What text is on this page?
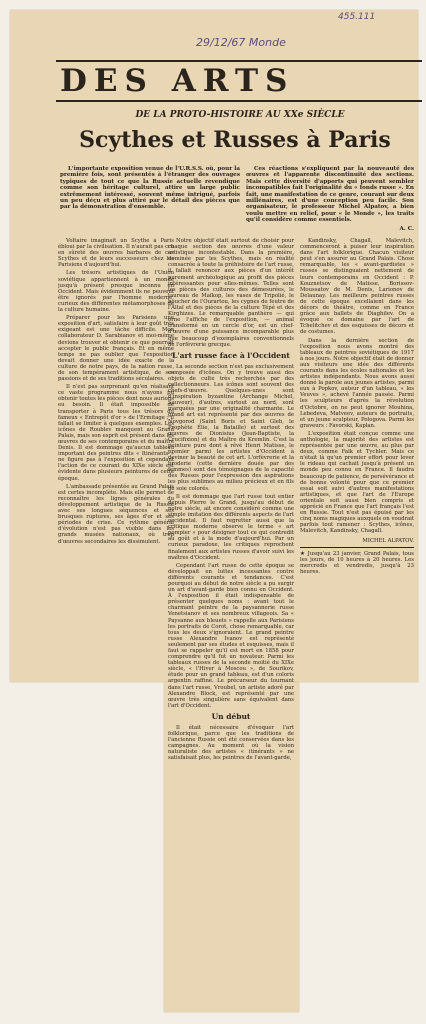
455.111
29/12/67 Monde
DES ARTS
DE LA PROTO-HISTOIRE AU XXe SIÈCLE
Scythes et Russes à Paris

L'importante exposition venue de l'U.R.S.S. où, pour la première fois, sont présentés à l'étranger des ouvrages typiques de tout ce que la Russie actuelle revendique comme son héritage culturel, attire un large public extrêmement intéressé, souvent même intrigué, parfois un peu déçu et plus attiré par le détail des pièces que par la démonstration d'ensemble.

Ces réactions s'expliquent par la nouveauté des œuvres et l'apparente discontinuité des sections. Mais cette diversité d'apports qui peuvent sembler incompatibles fait l'originalité du « fonds russe ». En fait, une manifestation de ce genre, courant sur deux millénaires, est d'une conception peu facile. Son organisateur, le professeur Michel Alpatov, a bien voulu mettre en relief, pour « le Monde », les traits qu'il considère comme essentiels.

A. C.

Voltaire imaginait un Scythe à Paris ébloui par la civilisation. Il n'aurait pas cru en sûreté des œuvres barbares de ces Scythes et de leurs successeurs chez les Parisiens d'aujourd'hui.

Les trésors artistiques de l'Union soviétique appartiennent à un monde jusqu'à présent presque inconnu en Occident. Mais évidemment ils ne peuvent être ignorés par l'homme moderne, curieux des différentes métamorphoses de la culture humaine.

Préparer pour les Parisiens une exposition d'art, satisfaire à leur goût très exigeant est une tâche difficile. Mon collaborateur D. Sarabianov et moi-même devions trouver et obtenir ce que pourrait accepter le public français. Et en même temps ne pas oublier que l'exposition devait donner une idée exacte de la culture de notre pays, de la nation russe, de son tempérament artistique, de ses passions et de ses traditions séculaires.

Il n'est pas surprenant qu'en réalisant ce vaste programme nous n'ayons pu obtenir toutes les pièces dont nous aurions eu besoin. Il était impossible de transporter à Paris tous les trésors du fameux « Entrepôt d'or » de l'Ermitage ; il fallait se limiter à quelques exemples. Les icônes de Roublev manquent au Grand Palais, mais son esprit est présent dans les œuvres de ses contemporains et du maître Denis. Il est dommage qu'aucun tableau important des peintres dits « Itinérants » ne figure pas à l'exposition et cependant l'action de ce courant du XIXe siècle est évidente dans plusieurs peintures de cette époque.

L'ambassade présentée au Grand Palais est certes incomplète. Mais elle permet de reconnaître les lignes générales du développement artistique de la Russie avec ses longues séquences et ses brusques ruptures, ses âges d'or et ses périodes de crise. Ce rythme général d'évolution n'est pas visible dans les grands musées nationaux, où trop d'œuvres secondaires les dissimulent.

Notre objectif était surtout de choisir pour chaque section des œuvres d'une valeur artistique incontestable. Dans la première, dominée par les Scythes, mais en réalité consacrée à toute la préhistoire de l'art russe, il fallait renoncer aux pièces d'un intérêt purement archéologique au profit des pièces intéressantes pour elles-mêmes. Telles sont les pièces des cultures des démesurées, le taureau de Maïkop, les vases de Tripolié, le boucher de l'Ourartou, les cygnes de feutre de l'Altaï et des pièces de la culture Tépé et des Kirghizes. Le remarquable panthère — qui orne l'affiche de l'exposition, — animal transformé en un cercle d'or, est un chef-d'œuvre d'une puissance incomparable plus que beaucoup d'exemplaires conventionnels de l'orfèvrerie grecque.

L'art russe face à l'Occident

La seconde section n'est pas exclusivement composée d'icônes. On y trouve aussi des objets de culte très recherchés par des collectionneurs. Les icônes sont souvent des chefs-d'œuvre. Quelques-unes sont d'inspiration byzantine (Archange Michel, Sauveur), d'autres, surtout au nord, sont marquées par une originalité charmante. Le grand art est représenté par des œuvres de Novgorod (Saint Boris et Saint Gleb, le Prophète Élie, la Bataille) et surtout des œuvres de Dionisius (Jean-Baptiste, la Crucifixion) et du Maître du Kremlin. C'est la peinture pure dont à rêvé Henri Matisse, le premier parmi les artistes d'Occident à deviner la beauté de cet art. L'orfèvrerie et la broderie (cette dernière douée par des femmes) sont des témoignages de la capacité des Russes pour l'expression des aspirations les plus sublimes au milieu précieux et en fils de soie colorés.

Il est dommage que l'art russe tout entier depuis Pierre le Grand, jusqu'au début de notre siècle, ait encore considéré comme une simple imitation des différents aspects de l'art occidental. Il faut regretter aussi que la critique moderne observe le terme « art pompier » pour désigner tout ce qui contredit au goût et à la mode d'aujourd'hui. Par un curieux paradoxe, les critiques reprochent finalement aux artistes russes d'avoir suivi les maîtres d'Occident.

Cependant l'art russe de cette époque se développait en luttes incessantes contre différents courants et tendances. C'est pourquoi au début de notre siècle a pu surgir un art d'avant-garde bien connu en Occident. À l'exposition il était indispensable de présenter quelques noms : avant tout le charmant peintre de la paysannerie russe Venetsianov et ses nombreux villageois. Sa « Paysanne aux bleuets » rappelle aux Parisiens les portraits de Corot, chose remarquable, car tous les deux s'ignoraient. Le grand peintre russe Alexandre Ivanov est représenté seulement par ses études et esquisses, mais il faut se rappeler qu'il est mort en 1858 pour comprendre qu'il fut un novateur. Parmi les tableaux russes de la seconde moitié du XIXe siècle, « l'Hiver à Moscou », de Sourikov, étude pour un grand tableau, est d'un coloris argentin raffiné. Le précurseur du tournant dans l'art russe, Vroubel, un artiste adoré par Alexandre Block, est représenté par une œuvre très singulière sans équivalent dans l'art d'Occident.

Un début

Il était nécessaire d'évoquer l'art folklorique, parce que les traditions de l'ancienne Russie ont été conservées dans les campagnes. Au moment où la vision naturaliste des artistes « itinérants » ne satisfaisait plus, les peintres de l'avant-garde,

Kandinsky, Chagall, Malevitch, commenceront à puiser leur inspiration dans l'art folklorique. Chacun visiteur peut s'en assurer au Grand Palais. Chose remarquable, les « avant-gardistes » russes se distinguaient nettement de leurs contemporains en Occident : P. Kouznetsov de Matisse, Borissov-Moussatov de M. Denis, Larionov de Delaunay. Les meilleurs peintres russes de cette époque excellaient dans les décors de théâtre, comme en France grâce aux ballets de Diaghilev. On a évoqué ce domaine par l'art de Tchelitchev et des esquisses de décors et de costumes.

Dans la dernière section de l'exposition nous avons montré des tableaux de peintres soviétiques de 1917 à nos jours. Notre objectif était de donner aux visiteurs une idée des différents courants dans les écoles nationales et les artistes indépendants. Nous avons aussi donné la parole aux jeunes artistes, parmi eux à Popkov, auteur d'un tableau, « les Veuves », achevé l'année passée. Parmi les sculpteurs d'après la révolution d'Octobre, on ne peut ignorer Mouhina, Lebedeva, Matveev, auteurs de portraits, et un jeune sculpteur, Pologova. Parmi les graveurs : Favorski, Kaplan.

L'exposition était conçue comme une anthologie, la majorité des artistes est représentée par une œuvre, au plus par deux, comme Falk et Tychler. Mais ce n'était là qu'un premier effort pour lever le rideau qui cachait jusqu'à présent un monde peu connu en France. Il faudra beaucoup de patience, de persévérance et de bonne volonté pour que ce premier essai soit suivi d'autres manifestations artistiques, et que l'art de l'Europe orientale soit aussi bien compris et apprécié en France que l'art français l'est en Russie. Tout n'est pas épuisé par les cinq noms magiques auxquels on voudrait parfois tout ramener : Scythes, icônes, Malevitch, Kandinsky, Chagall.

MICHEL ALPATOV.

★ Jusqu'au 23 janvier, Grand Palais, tous les jours, de 10 heures à 20 heures. Les mercredis et vendredis, jusqu'à 23 heures.
